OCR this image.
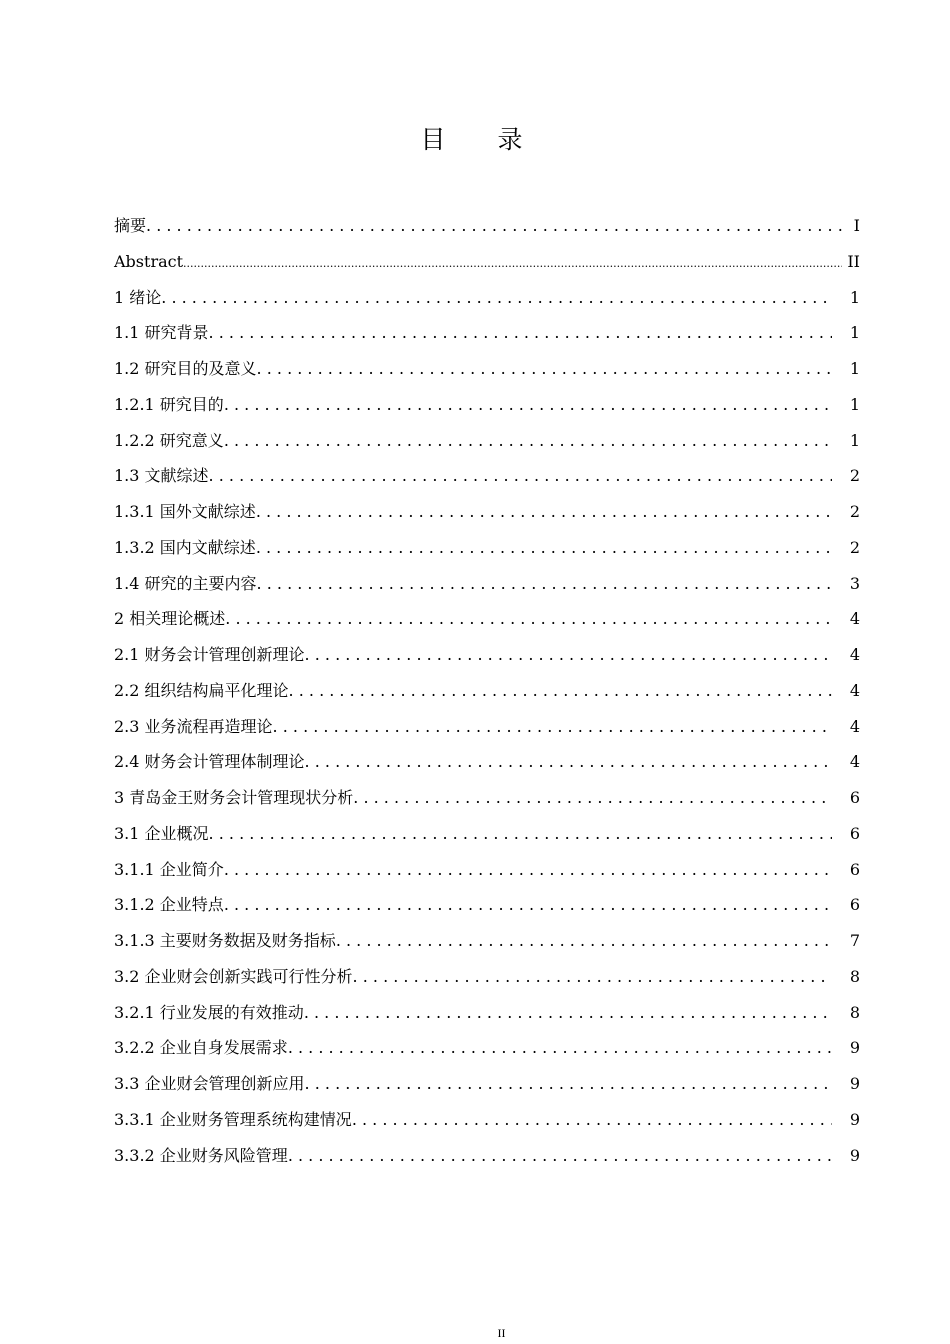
目 录
摘要 . . .	I
Abstract .....	II
1 绪论 . . .	1
1.1 研究背景 . . .	1
1.2 研究目的及意义 . . .	1
1.2.1 研究目的 . . .	1
1.2.2 研究意义 . . .	1
1.3 文献综述 . . .	2
1.3.1 国外文献综述 . . .	2
1.3.2 国内文献综述 . . .	2
1.4 研究的主要内容 . . .	3
2 相关理论概述 . . .	4
2.1 财务会计管理创新理论 . . .	4
2.2 组织结构扁平化理论 . . .	4
2.3 业务流程再造理论 . . .	4
2.4 财务会计管理体制理论 . . .	4
3 青岛金王财务会计管理现状分析 . . .	6
3.1 企业概况 . . .	6
3.1.1 企业简介 . . .	6
3.1.2 企业特点 . . .	6
3.1.3 主要财务数据及财务指标 . . .	7
3.2 企业财会创新实践可行性分析 . . .	8
3.2.1 行业发展的有效推动 . . .	8
3.2.2 企业自身发展需求 . . .	9
3.3 企业财会管理创新应用 . . .	9
3.3.1 企业财务管理系统构建情况 . . .	9
3.3.2 企业财务风险管理 . . .	9
II
